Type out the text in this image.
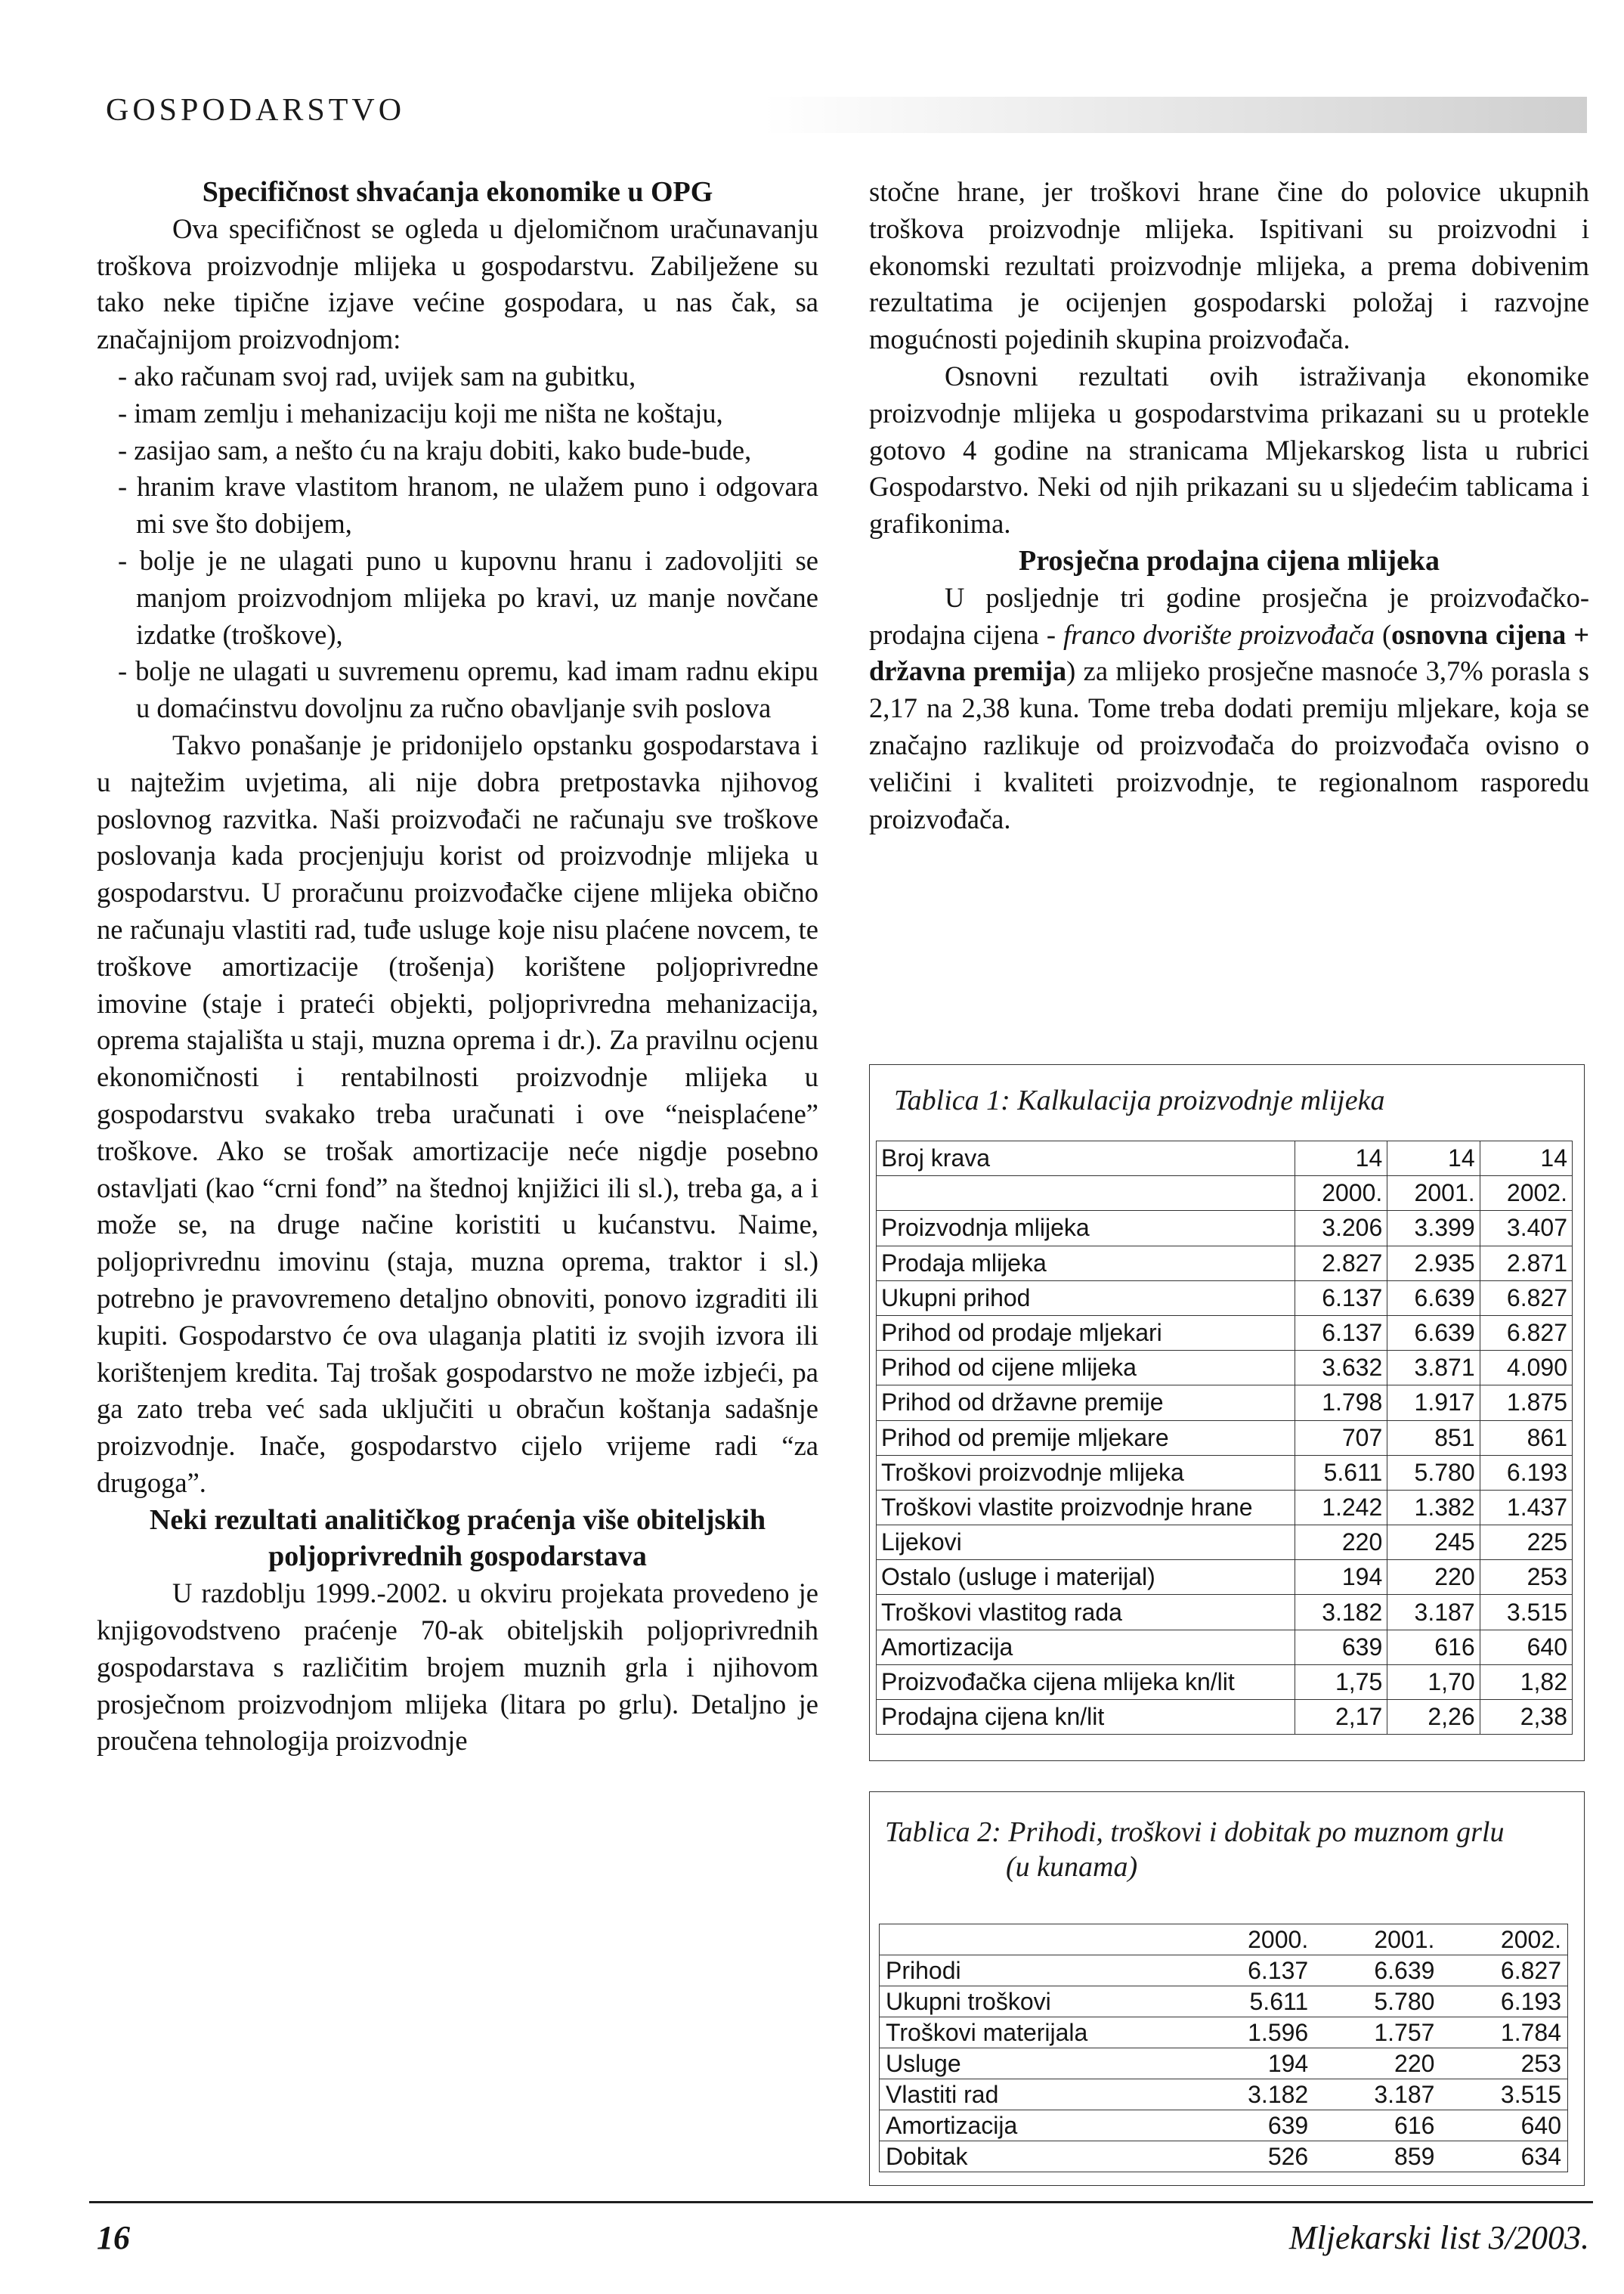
GOSPODARSTVO
Specifičnost shvaćanja ekonomike u OPG

Ova specifičnost se ogleda u djelomičnom uračunavanju troškova proizvodnje mlijeka u gospodarstvu. Zabilježene su tako neke tipične izjave većine gospodara, u nas čak, sa značajnijom proizvodnjom:

- ako računam svoj rad, uvijek sam na gubitku,
- imam zemlju i mehanizaciju koji me ništa ne koštaju,
- zasijao sam, a nešto ću na kraju dobiti, kako bude-bude,
- hranim krave vlastitom hranom, ne ulažem puno i odgovara mi sve što dobijem,
- bolje je ne ulagati puno u kupovnu hranu i zadovoljiti se manjom proizvodnjom mlijeka po kravi, uz manje novčane izdatke (troškove),
- bolje ne ulagati u suvremenu opremu, kad imam radnu ekipu u domaćinstvu dovoljnu za ručno obavljanje svih poslova

Takvo ponašanje je pridonijelo opstanku gospodarstava i u najtežim uvjetima, ali nije dobra pretpostavka njihovog poslovnog razvitka. Naši proizvođači ne računaju sve troškove poslovanja kada procjenjuju korist od proizvodnje mlijeka u gospodarstvu. U proračunu proizvođačke cijene mlijeka obično ne računaju vlastiti rad, tuđe usluge koje nisu plaćene novcem, te troškove amortizacije (trošenja) korištene poljoprivredne imovine (staje i prateći objekti, poljoprivredna mehanizacija, oprema stajališta u staji, muzna oprema i dr.). Za pravilnu ocjenu ekonomičnosti i rentabilnosti proizvodnje mlijeka u gospodarstvu svakako treba uračunati i ove “neisplaćene” troškove. Ako se trošak amortizacije neće nigdje posebno ostavljati (kao “crni fond” na štednoj knjižici ili sl.), treba ga, a i može se, na druge načine koristiti u kućanstvu. Naime, poljoprivrednu imovinu (staja, muzna oprema, traktor i sl.) potrebno je pravovremeno detaljno obnoviti, ponovo izgraditi ili kupiti. Gospodarstvo će ova ulaganja platiti iz svojih izvora ili korištenjem kredita. Taj trošak gospodarstvo ne može izbjeći, pa ga zato treba već sada uključiti u obračun koštanja sadašnje proizvodnje. Inače, gospodarstvo cijelo vrijeme radi “za drugoga”.

Neki rezultati analitičkog praćenja više obiteljskih poljoprivrednih gospodarstava

U razdoblju 1999.-2002. u okviru projekata provedeno je knjigovodstveno praćenje 70-ak obiteljskih poljoprivrednih gospodarstava s različitim brojem muznih grla i njihovom prosječnom proizvodnjom mlijeka (litara po grlu). Detaljno je proučena tehnologija proizvodnje

stočne hrane, jer troškovi hrane čine do polovice ukupnih troškova proizvodnje mlijeka. Ispitivani su proizvodni i ekonomski rezultati proizvodnje mlijeka, a prema dobivenim rezultatima je ocijenjen gospodarski položaj i razvojne mogućnosti pojedinih skupina proizvođača.

Osnovni rezultati ovih istraživanja ekonomike proizvodnje mlijeka u gospodarstvima prikazani su u protekle gotovo 4 godine na stranicama Mljekarskog lista u rubrici Gospodarstvo. Neki od njih prikazani su u sljedećim tablicama i grafikonima.

Prosječna prodajna cijena mlijeka

U posljednje tri godine prosječna je proizvođačko-prodajna cijena - franco dvorište proizvođača (osnovna cijena + državna premija) za mlijeko prosječne masnoće 3,7% porasla s 2,17 na 2,38 kuna. Tome treba dodati premiju mljekare, koja se značajno razlikuje od proizvođača do proizvođača ovisno o veličini i kvaliteti proizvodnje, te regionalnom rasporedu proizvođača.

Tablica 1: Kalkulacija proizvodnje mlijeka
Broj krava	14	14	14
	2000.	2001.	2002.
Proizvodnja mlijeka	3.206	3.399	3.407
Prodaja mlijeka	2.827	2.935	2.871
Ukupni prihod	6.137	6.639	6.827
Prihod od prodaje mljekari	6.137	6.639	6.827
Prihod od cijene mlijeka	3.632	3.871	4.090
Prihod od državne premije	1.798	1.917	1.875
Prihod od premije mljekare	707	851	861
Troškovi proizvodnje mlijeka	5.611	5.780	6.193
Troškovi vlastite proizvodnje hrane	1.242	1.382	1.437
Lijekovi	220	245	225
Ostalo (usluge i materijal)	194	220	253
Troškovi vlastitog rada	3.182	3.187	3.515
Amortizacija	639	616	640
Proizvođačka cijena mlijeka kn/lit	1,75	1,70	1,82
Prodajna cijena kn/lit	2,17	2,26	2,38
Tablica 2: Prihodi, troškovi i dobitak po muznom grlu
(u kunama)
	2000.	2001.	2002.
Prihodi	6.137	6.639	6.827
Ukupni troškovi	5.611	5.780	6.193
Troškovi materijala	1.596	1.757	1.784
Usluge	194	220	253
Vlastiti rad	3.182	3.187	3.515
Amortizacija	639	616	640
Dobitak	526	859	634
16	Mljekarski list 3/2003.
